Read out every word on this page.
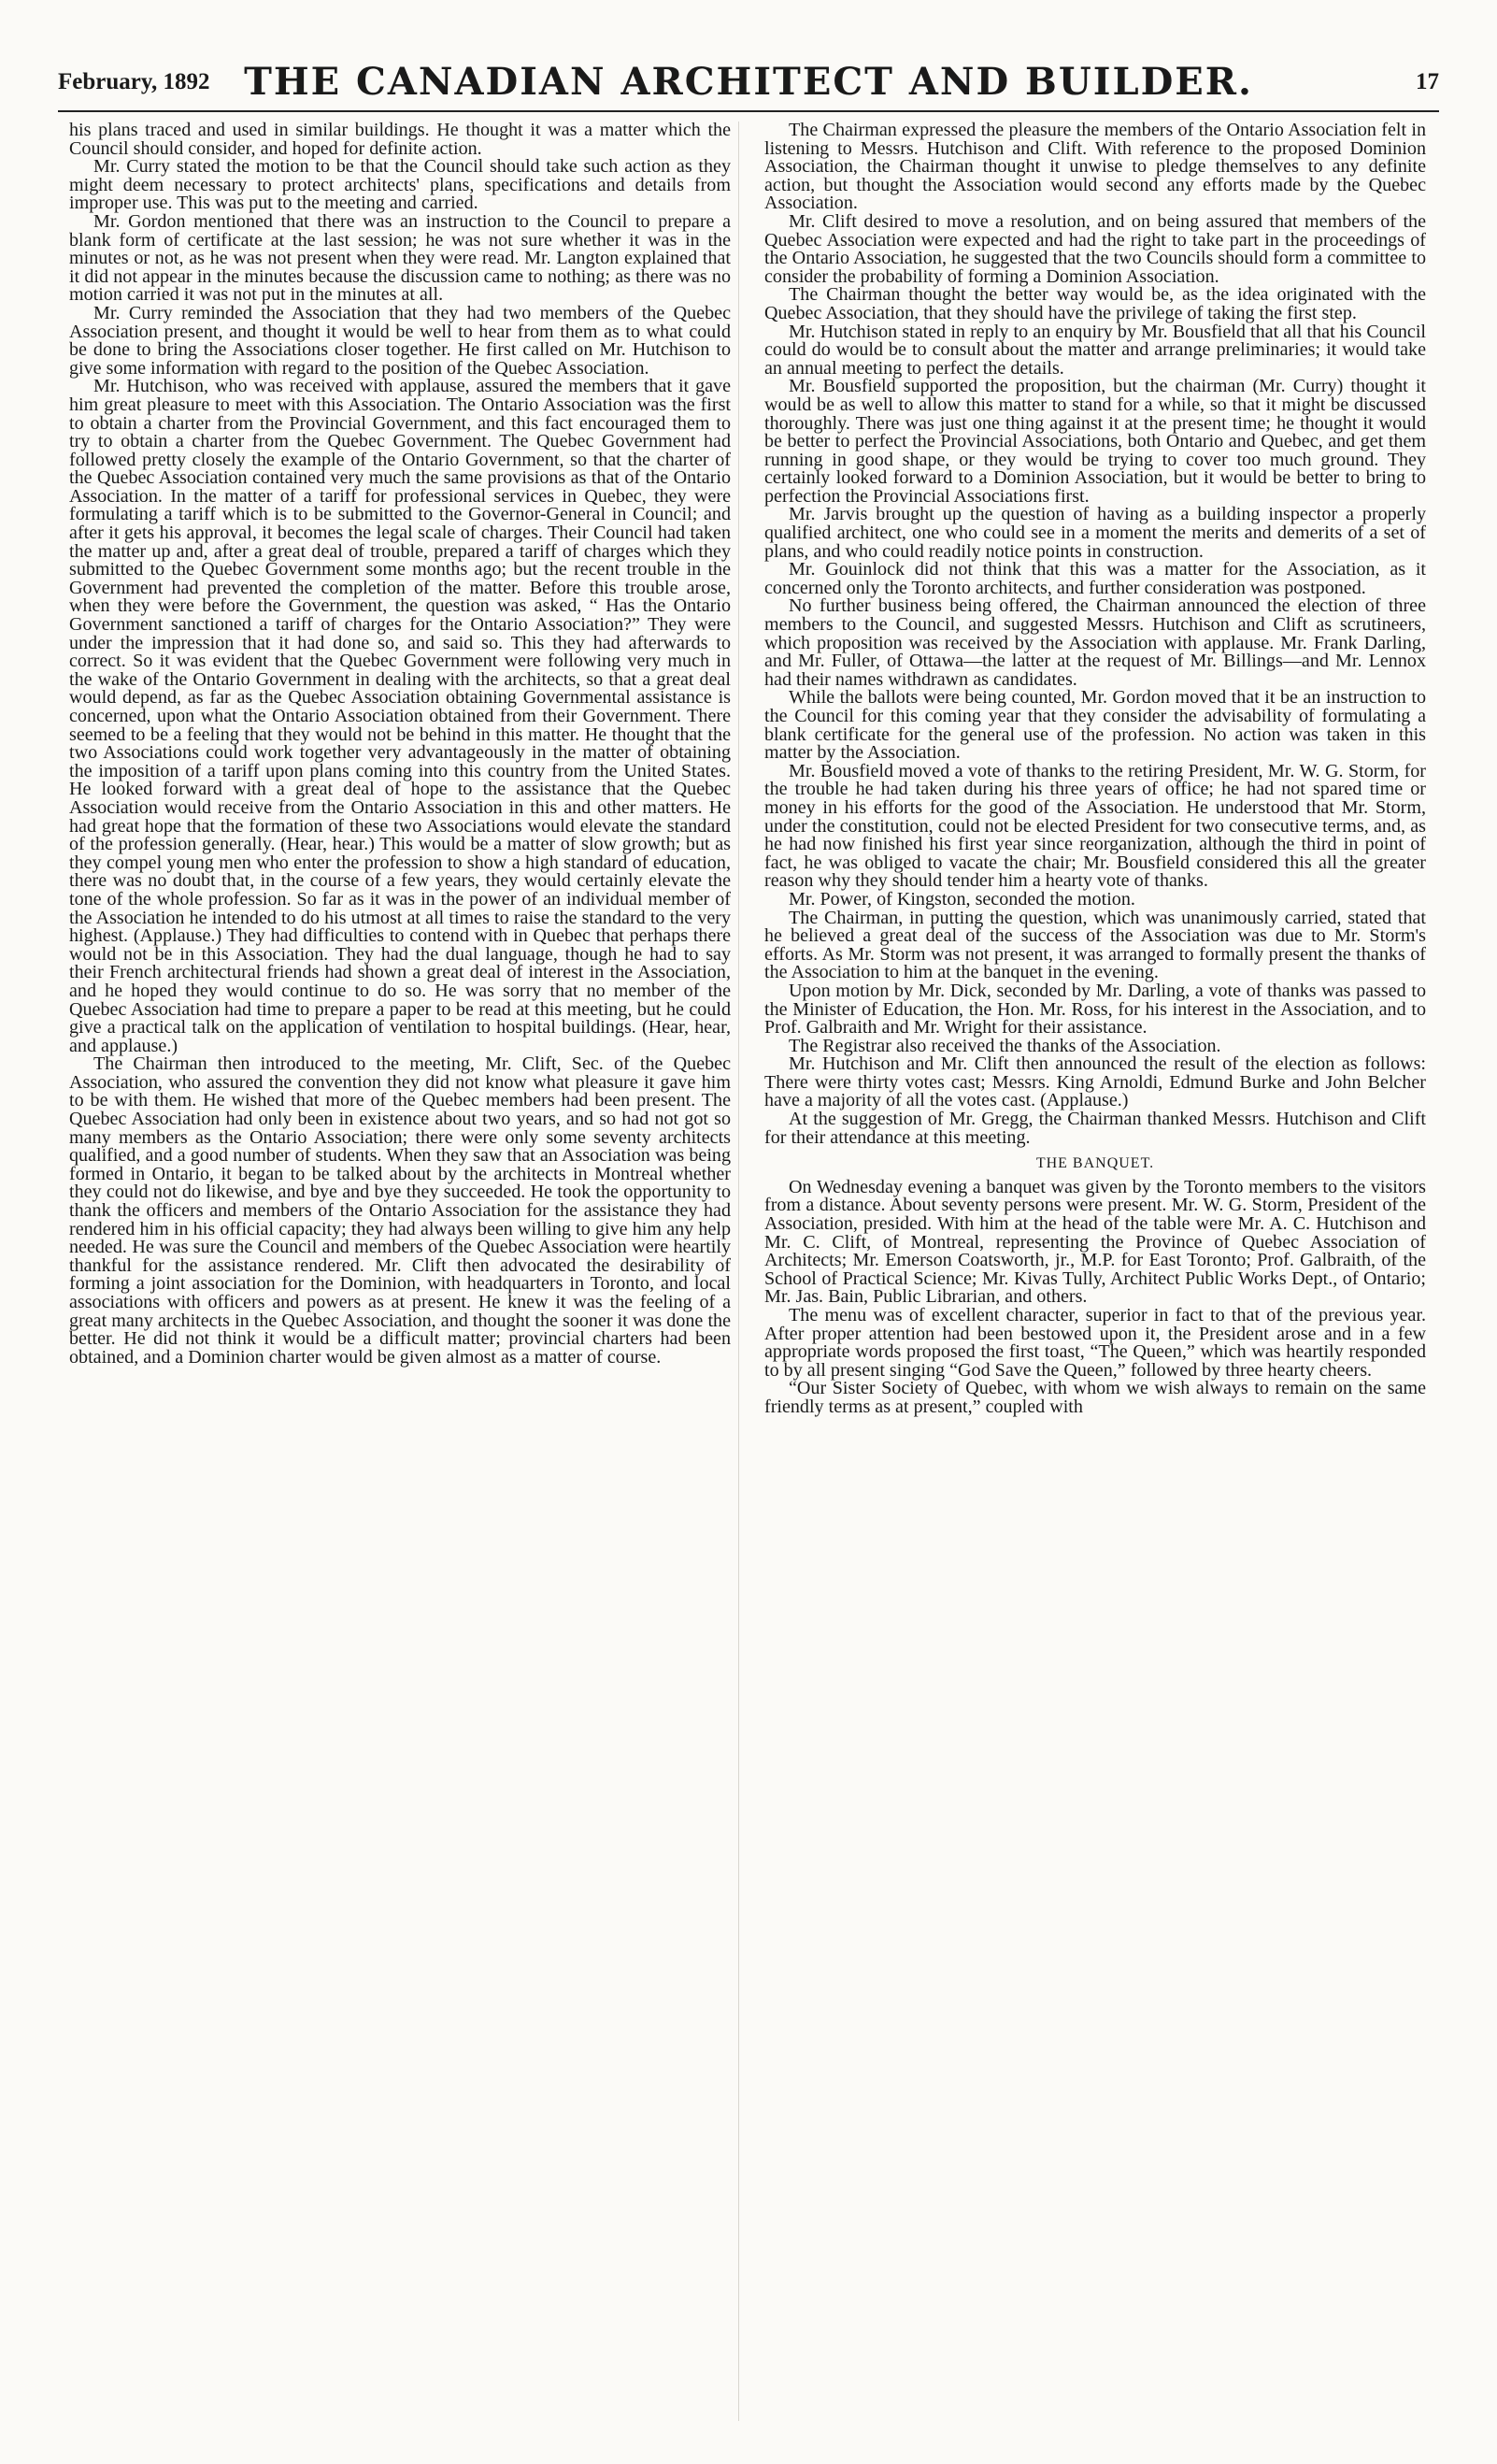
February, 1892 THE CANADIAN ARCHITECT AND BUILDER.	17

his plans traced and used in similar buildings. He thought it was a matter which the Council should consider, and hoped for definite action.

Mr. Curry stated the motion to be that the Council should take such action as they might deem necessary to protect architects' plans, specifications and details from improper use. This was put to the meeting and carried.

Mr. Gordon mentioned that there was an instruction to the Council to prepare a blank form of certificate at the last session; he was not sure whether it was in the minutes or not, as he was not present when they were read. Mr. Langton explained that it did not appear in the minutes because the discussion came to nothing; as there was no motion carried it was not put in the minutes at all.

Mr. Curry reminded the Association that they had two members of the Quebec Association present, and thought it would be well to hear from them as to what could be done to bring the Associations closer together. He first called on Mr. Hutchison to give some information with regard to the position of the Quebec Association.

Mr. Hutchison, who was received with applause, assured the members that it gave him great pleasure to meet with this Association. The Ontario Association was the first to obtain a charter from the Provincial Government, and this fact encouraged them to try to obtain a charter from the Quebec Government. The Quebec Government had followed pretty closely the example of the Ontario Government, so that the charter of the Quebec Association contained very much the same provisions as that of the Ontario Association. In the matter of a tariff for professional services in Quebec, they were formulating a tariff which is to be submitted to the Governor-General in Council; and after it gets his approval, it becomes the legal scale of charges. Their Council had taken the matter up and, after a great deal of trouble, prepared a tariff of charges which they submitted to the Quebec Government some months ago; but the recent trouble in the Government had prevented the completion of the matter. Before this trouble arose, when they were before the Government, the question was asked, “ Has the Ontario Government sanctioned a tariff of charges for the Ontario Association?” They were under the impression that it had done so, and said so. This they had afterwards to correct. So it was evident that the Quebec Government were following very much in the wake of the Ontario Government in dealing with the architects, so that a great deal would depend, as far as the Quebec Association obtaining Governmental assistance is concerned, upon what the Ontario Association obtained from their Government. There seemed to be a feeling that they would not be behind in this matter. He thought that the two Associations could work together very advantageously in the matter of obtaining the imposition of a tariff upon plans coming into this country from the United States. He looked forward with a great deal of hope to the assistance that the Quebec Association would receive from the Ontario Association in this and other matters. He had great hope that the formation of these two Associations would elevate the standard of the profession generally. (Hear, hear.) This would be a matter of slow growth; but as they compel young men who enter the profession to show a high standard of education, there was no doubt that, in the course of a few years, they would certainly elevate the tone of the whole profession. So far as it was in the power of an individual member of the Association he intended to do his utmost at all times to raise the standard to the very highest. (Applause.) They had difficulties to contend with in Quebec that perhaps there would not be in this Association. They had the dual language, though he had to say their French architectural friends had shown a great deal of interest in the Association, and he hoped they would continue to do so. He was sorry that no member of the Quebec Association had time to prepare a paper to be read at this meeting, but he could give a practical talk on the application of ventilation to hospital buildings. (Hear, hear, and applause.)

The Chairman then introduced to the meeting, Mr. Clift, Sec. of the Quebec Association, who assured the convention they did not know what pleasure it gave him to be with them. He wished that more of the Quebec members had been present. The Quebec Association had only been in existence about two years, and so had not got so many members as the Ontario Association; there were only some seventy architects qualified, and a good number of students. When they saw that an Association was being formed in Ontario, it began to be talked about by the architects in Montreal whether they could not do likewise, and bye and bye they succeeded. He took the opportunity to thank the officers and members of the Ontario Association for the assistance they had rendered him in his official capacity; they had always been willing to give him any help needed. He was sure the Council and members of the Quebec Association were heartily thankful for the assistance rendered. Mr. Clift then advocated the desirability of forming a joint association for the Dominion, with headquarters in Toronto, and local associations with officers and powers as at present. He knew it was the feeling of a great many architects in the Quebec Association, and thought the sooner it was done the better. He did not think it would be a difficult matter; provincial charters had been obtained, and a Dominion charter would be given almost as a matter of course.

The Chairman expressed the pleasure the members of the Ontario Association felt in listening to Messrs. Hutchison and Clift. With reference to the proposed Dominion Association, the Chairman thought it unwise to pledge themselves to any definite action, but thought the Association would second any efforts made by the Quebec Association.

Mr. Clift desired to move a resolution, and on being assured that members of the Quebec Association were expected and had the right to take part in the proceedings of the Ontario Association, he suggested that the two Councils should form a committee to consider the probability of forming a Dominion Association.

The Chairman thought the better way would be, as the idea originated with the Quebec Association, that they should have the privilege of taking the first step.

Mr. Hutchison stated in reply to an enquiry by Mr. Bousfield that all that his Council could do would be to consult about the matter and arrange preliminaries; it would take an annual meeting to perfect the details.

Mr. Bousfield supported the proposition, but the chairman (Mr. Curry) thought it would be as well to allow this matter to stand for a while, so that it might be discussed thoroughly. There was just one thing against it at the present time; he thought it would be better to perfect the Provincial Associations, both Ontario and Quebec, and get them running in good shape, or they would be trying to cover too much ground. They certainly looked forward to a Dominion Association, but it would be better to bring to perfection the Provincial Associations first.

Mr. Jarvis brought up the question of having as a building inspector a properly qualified architect, one who could see in a moment the merits and demerits of a set of plans, and who could readily notice points in construction.

Mr. Gouinlock did not think that this was a matter for the Association, as it concerned only the Toronto architects, and further consideration was postponed.

No further business being offered, the Chairman announced the election of three members to the Council, and suggested Messrs. Hutchison and Clift as scrutineers, which proposition was received by the Association with applause. Mr. Frank Darling, and Mr. Fuller, of Ottawa—the latter at the request of Mr. Billings—and Mr. Lennox had their names withdrawn as candidates.

While the ballots were being counted, Mr. Gordon moved that it be an instruction to the Council for this coming year that they consider the advisability of formulating a blank certificate for the general use of the profession. No action was taken in this matter by the Association.

Mr. Bousfield moved a vote of thanks to the retiring President, Mr. W. G. Storm, for the trouble he had taken during his three years of office; he had not spared time or money in his efforts for the good of the Association. He understood that Mr. Storm, under the constitution, could not be elected President for two consecutive terms, and, as he had now finished his first year since reorganization, although the third in point of fact, he was obliged to vacate the chair; Mr. Bousfield considered this all the greater reason why they should tender him a hearty vote of thanks.

Mr. Power, of Kingston, seconded the motion.

The Chairman, in putting the question, which was unanimously carried, stated that he believed a great deal of the success of the Association was due to Mr. Storm's efforts. As Mr. Storm was not present, it was arranged to formally present the thanks of the Association to him at the banquet in the evening.

Upon motion by Mr. Dick, seconded by Mr. Darling, a vote of thanks was passed to the Minister of Education, the Hon. Mr. Ross, for his interest in the Association, and to Prof. Galbraith and Mr. Wright for their assistance.

The Registrar also received the thanks of the Association.

Mr. Hutchison and Mr. Clift then announced the result of the election as follows: There were thirty votes cast; Messrs. King Arnoldi, Edmund Burke and John Belcher have a majority of all the votes cast. (Applause.)

At the suggestion of Mr. Gregg, the Chairman thanked Messrs. Hutchison and Clift for their attendance at this meeting.

THE BANQUET.

On Wednesday evening a banquet was given by the Toronto members to the visitors from a distance. About seventy persons were present. Mr. W. G. Storm, President of the Association, presided. With him at the head of the table were Mr. A. C. Hutchison and Mr. C. Clift, of Montreal, representing the Province of Quebec Association of Architects; Mr. Emerson Coatsworth, jr., M.P. for East Toronto; Prof. Galbraith, of the School of Practical Science; Mr. Kivas Tully, Architect Public Works Dept., of Ontario; Mr. Jas. Bain, Public Librarian, and others.

The menu was of excellent character, superior in fact to that of the previous year. After proper attention had been bestowed upon it, the President arose and in a few appropriate words proposed the first toast, “The Queen,” which was heartily responded to by all present singing “God Save the Queen,” followed by three hearty cheers.

“Our Sister Society of Quebec, with whom we wish always to remain on the same friendly terms as at present,” coupled with
